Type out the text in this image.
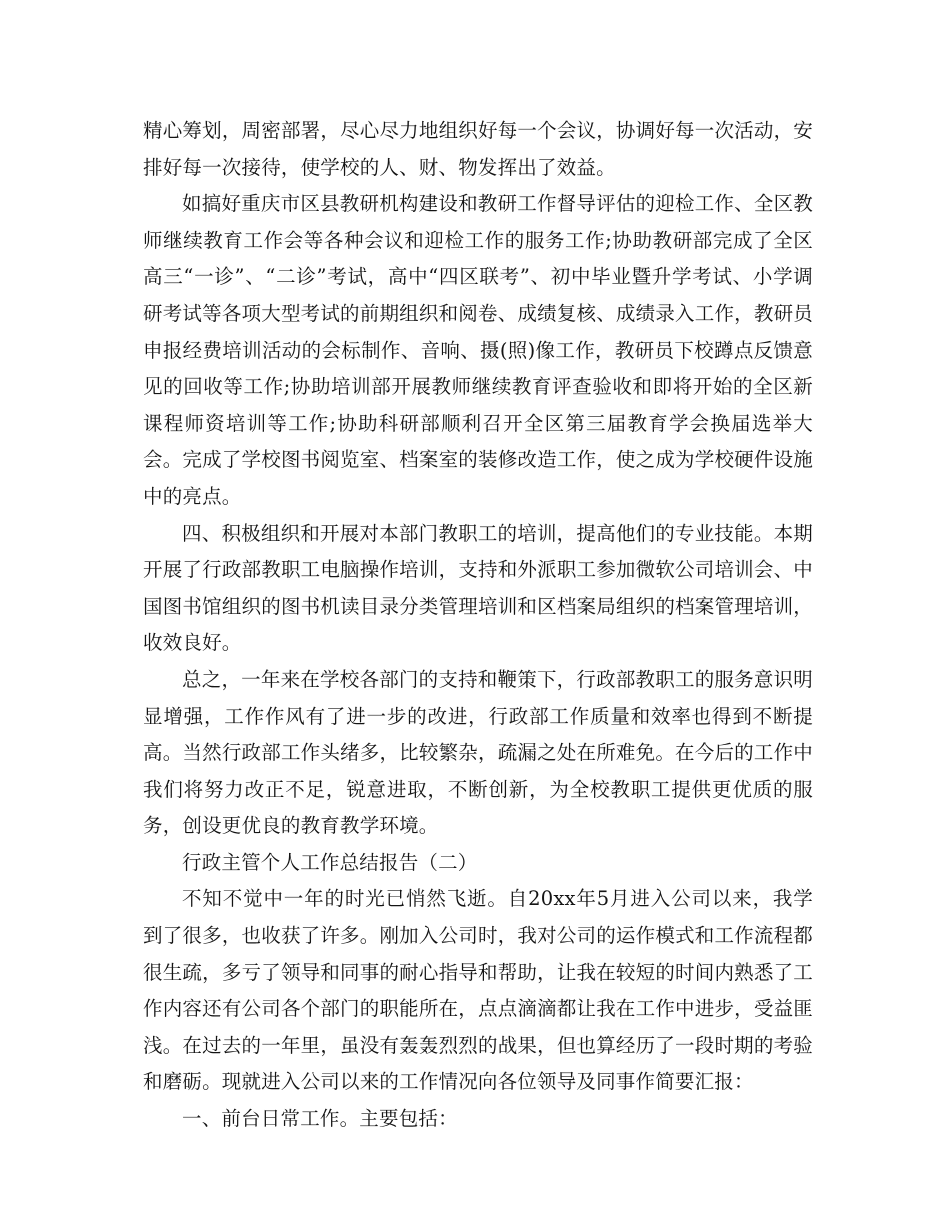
精心筹划，周密部署，尽心尽力地组织好每一个会议，协调好每一次活动，安排好每一次接待，使学校的人、财、物发挥出了效益。

如搞好重庆市区县教研机构建设和教研工作督导评估的迎检工作、全区教师继续教育工作会等各种会议和迎检工作的服务工作;协助教研部完成了全区高三“一诊”、“二诊”考试，高中“四区联考”、初中毕业暨升学考试、小学调研考试等各项大型考试的前期组织和阅卷、成绩复核、成绩录入工作，教研员申报经费培训活动的会标制作、音响、摄(照)像工作，教研员下校蹲点反馈意见的回收等工作;协助培训部开展教师继续教育评查验收和即将开始的全区新课程师资培训等工作;协助科研部顺利召开全区第三届教育学会换届选举大会。完成了学校图书阅览室、档案室的装修改造工作，使之成为学校硬件设施中的亮点。

四、积极组织和开展对本部门教职工的培训，提高他们的专业技能。本期开展了行政部教职工电脑操作培训，支持和外派职工参加微软公司培训会、中国图书馆组织的图书机读目录分类管理培训和区档案局组织的档案管理培训，收效良好。

总之，一年来在学校各部门的支持和鞭策下，行政部教职工的服务意识明显增强，工作作风有了进一步的改进，行政部工作质量和效率也得到不断提高。当然行政部工作头绪多，比较繁杂，疏漏之处在所难免。在今后的工作中我们将努力改正不足，锐意进取，不断创新，为全校教职工提供更优质的服务，创设更优良的教育教学环境。

行政主管个人工作总结报告（二）

不知不觉中一年的时光已悄然飞逝。自20xx年5月进入公司以来，我学到了很多，也收获了许多。刚加入公司时，我对公司的运作模式和工作流程都很生疏，多亏了领导和同事的耐心指导和帮助，让我在较短的时间内熟悉了工作内容还有公司各个部门的职能所在，点点滴滴都让我在工作中进步，受益匪浅。在过去的一年里，虽没有轰轰烈烈的战果，但也算经历了一段时期的考验和磨砺。现就进入公司以来的工作情况向各位领导及同事作简要汇报：

一、前台日常工作。主要包括：
